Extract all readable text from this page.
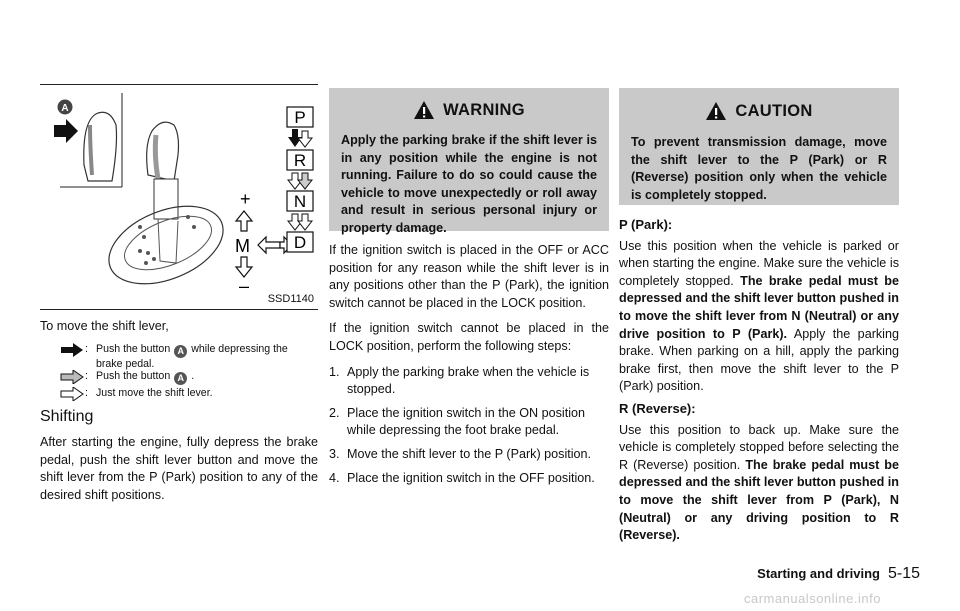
A
+
M
–
P
R
N
D
SSD1140

To move the shift lever,

: Push the button A while depressing the brake pedal.
: Push the button A .
: Just move the shift lever.
Shifting

After starting the engine, fully depress the brake pedal, push the shift lever button and move the shift lever from the P (Park) position to any of the desired shift positions.

WARNING
Apply the parking brake if the shift lever is in any position while the engine is not running. Failure to do so could cause the vehicle to move unexpectedly or roll away and result in serious personal injury or property damage.

If the ignition switch is placed in the OFF or ACC position for any reason while the shift lever is in any positions other than the P (Park), the ignition switch cannot be placed in the LOCK position.

If the ignition switch cannot be placed in the LOCK position, perform the following steps:

1. Apply the parking brake when the vehicle is stopped.
2. Place the ignition switch in the ON position while depressing the foot brake pedal.
3. Move the shift lever to the P (Park) position.
4. Place the ignition switch in the OFF position.
CAUTION
To prevent transmission damage, move the shift lever to the P (Park) or R (Reverse) position only when the vehicle is completely stopped.

P (Park):

Use this position when the vehicle is parked or when starting the engine. Make sure the vehicle is completely stopped. The brake pedal must be depressed and the shift lever button pushed in to move the shift lever from N (Neutral) or any drive position to P (Park). Apply the parking brake. When parking on a hill, apply the parking brake first, then move the shift lever to the P (Park) position.

R (Reverse):

Use this position to back up. Make sure the vehicle is completely stopped before selecting the R (Reverse) position. The brake pedal must be depressed and the shift lever button pushed in to move the shift lever from P (Park), N (Neutral) or any driving position to R (Reverse).

Starting and driving 5-15
carmanualsonline.info
